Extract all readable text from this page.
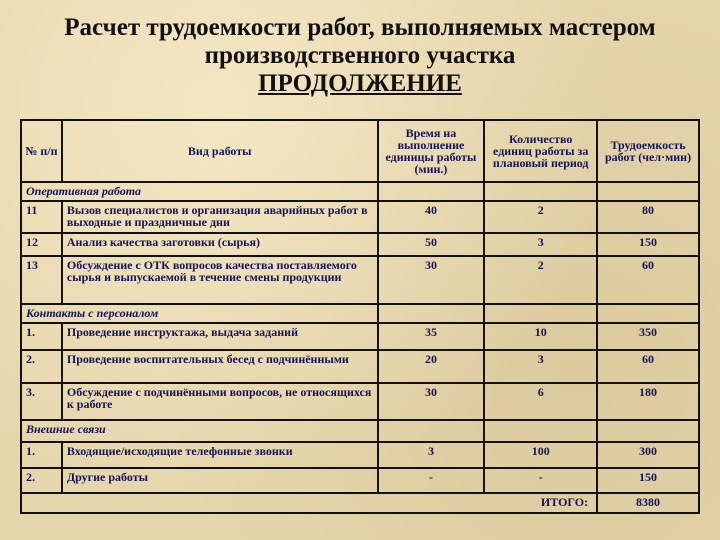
Расчет трудоемкости работ, выполняемых мастером
производственного участка
ПРОДОЛЖЕНИЕ
№ п/п	Вид работы	Время на выполнение единицы работы (мин.)	Количество единиц работы за плановый период	Трудоемкость работ (чел·мин)
Оперативная работа				
11	Вызов специалистов и организация аварийных работ в выходные и праздничные дни	40	2	80
12	Анализ качества заготовки (сырья)	50	3	150
13	Обсуждение с ОТК вопросов качества поставляемого сырья и выпускаемой в течение смены продукции	30	2	60
Контакты с персоналом				
1.	Проведение инструктажа, выдача заданий	35	10	350
2.	Проведение воспитательных бесед с подчинёнными	20	3	60
3.	Обсуждение с подчинёнными вопросов, не относящихся к работе	30	6	180
Внешние связи				
1.	Входящие/исходящие телефонные звонки	3	100	300
2.	Другие работы	-	-	150
ИТОГО:				8380
